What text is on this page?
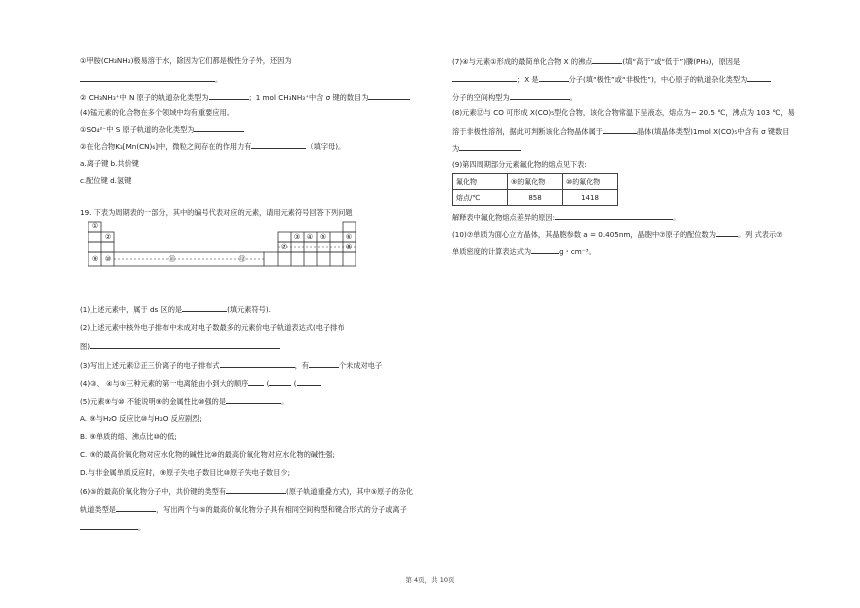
①甲胺(CH₃NH₂)极易溶于水，除因为它们都是极性分子外，还因为
。
② CH₃NH₃⁺中 N 原子的轨道杂化类型为	；1 mol CH₃NH₃⁺中含 σ 键的数目为
(4)锰元素的化合物在多个领域中均有重要应用。
①SO₄²⁻中 S 原子轨道的杂化类型为
②在化合物K₃[Mn(CN)₆]中，微粒之间存在的作用力有	（填字母)。
a.离子键 b.共价键
c.配位键 d.氢键
19. 下表为周期表的一部分，其中的编号代表对应的元素，请用元素符号回答下列问题
①
②	③ ④ ⑤	⑥
⑦	⑧
⑨ ⑩	⑪	⑫
(1)上述元素中，属于 ds 区的是	(填元素符号).
(2)上述元素中核外电子排布中未成对电子数最多的元素价电子轨道表达式(电子排布
图)
(3)写出上述元素⑫正三价离子的电子排布式	，有	个未成对电子
(4)③、 ④与⑤三种元素的第一电离能由小到大的顺序 (	(
(5)元素⑨与⑩ 不能说明⑨的金属性比⑩强的是	。
A. ⑨与H₂O 反应比⑩与H₂O 反应剧烈;
B. ⑨单质的熔、沸点比⑩的低;
C. ⑨的最高价氧化物对应水化物的碱性比⑩的最高价氧化物对应水化物的碱性强;
D.与非金属单质反应时，⑨原子失电子数目比⑩原子失电子数目少;
(6)⑤的最高价氧化物分子中，共价键的类型有	(原子轨道重叠方式)，其中⑤原子的杂化
轨道类型是	，写出两个与⑤的最高价氧化物分子具有相同空间构型和键合形式的分子或离子
。
(7)④与元素①形成的最简单化合物 X 的沸点	(填“高于”或“低于”)膦(PH₃)，原因是
；X 是	分子(填“极性”或“非极性”)，中心原子的轨道杂化类型为
分子的空间构型为	。
(8)元素⑫与 CO 可形成 X(CO)₅型化合物，该化合物常温下呈液态，熔点为− 20.5 ℃，沸点为 103 ℃，易
溶于非极性溶剂，据此可判断该化合物晶体属于	晶体(填晶体类型)1mol X(CO)₅中含有 σ 键数目
为
(9)第四周期部分元素氟化物的熔点见下表:
氟化物	⑨的氟化物	⑩的氟化物
熔点/℃	858	1418
解释表中氟化物熔点差异的原因:	。
(10)⑦单质为面心立方晶体，其晶胞参数 a = 0.405nm，晶胞中⑦原子的配位数为	。列 式表示⑦
单质密度的计算表达式为	g・cm⁻³。
第 4页，共 10页
